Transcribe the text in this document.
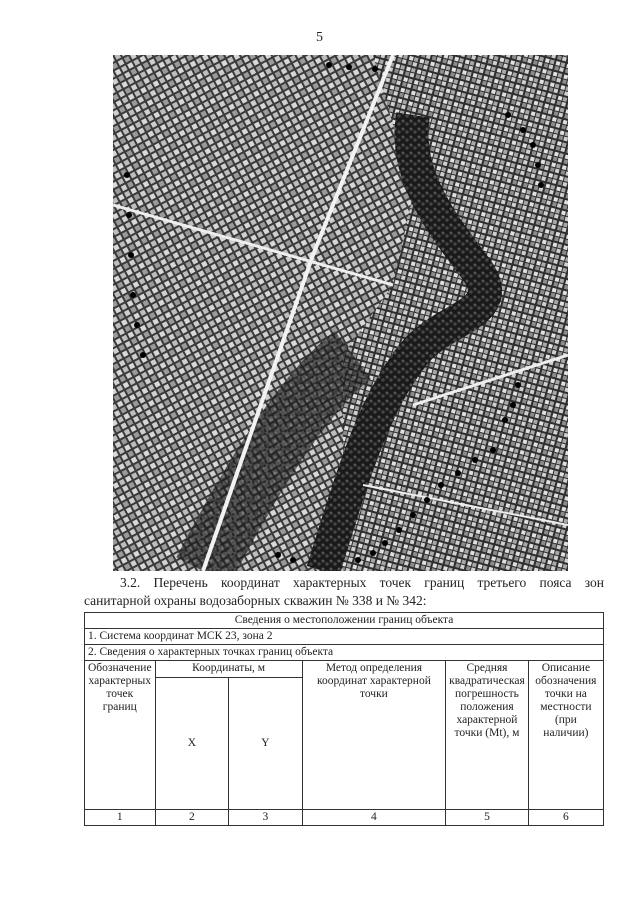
5
3.2. Перечень координат характерных точек границ третьего пояса зон
санитарной охраны водозаборных скважин № 338 и № 342:
Сведения о местоположении границ объекта					
1. Система координат МСК 23, зона 2					
2. Сведения о характерных точках границ объекта					
Обозначение характерных точек границ	Координаты, м		Метод определения координат характерной точки	Средняя квадратическая погрешность положения характерной точки (Mt), м	Описание обозначения точки на местности (при наличии)
	X	Y			
1	2	3	4	5	6
